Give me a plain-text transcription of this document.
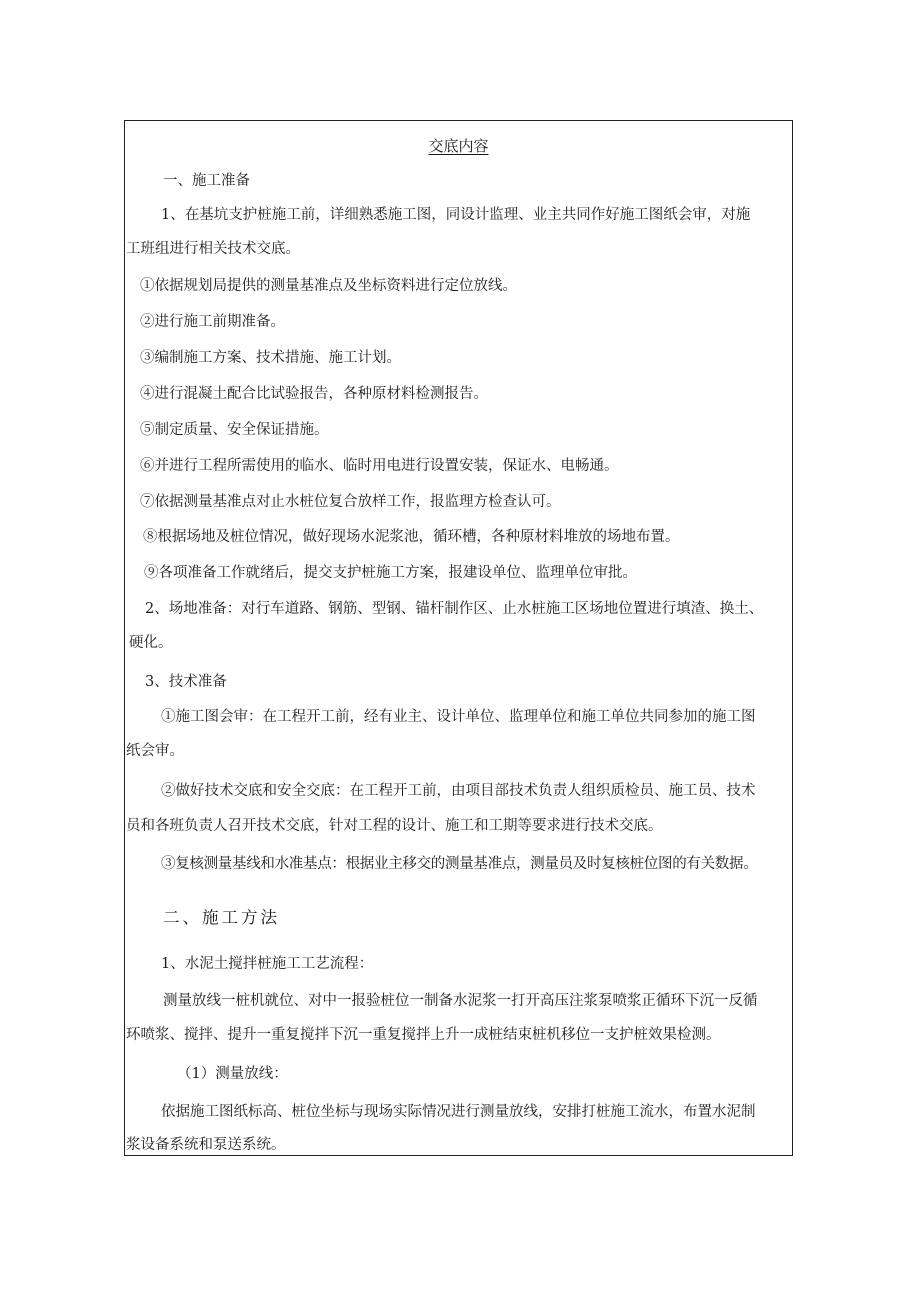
交底内容
一、施工准备
1、在基坑支护桩施工前，详细熟悉施工图，同设计监理、业主共同作好施工图纸会审，对施
工班组进行相关技术交底。
①依据规划局提供的测量基准点及坐标资料进行定位放线。
②进行施工前期准备。
③编制施工方案、技术措施、施工计划。
④进行混凝土配合比试验报告，各种原材料检测报告。
⑤制定质量、安全保证措施。
⑥并进行工程所需使用的临水、临时用电进行设置安装，保证水、电畅通。
⑦依据测量基准点对止水桩位复合放样工作，报监理方检查认可。
⑧根据场地及桩位情况，做好现场水泥浆池，循环槽，各种原材料堆放的场地布置。
⑨各项准备工作就绪后，提交支护桩施工方案，报建设单位、监理单位审批。
2、场地准备：对行车道路、钢筋、型钢、锚杆制作区、止水桩施工区场地位置进行填渣、换土、
硬化。
3、技术准备
①施工图会审：在工程开工前，经有业主、设计单位、监理单位和施工单位共同参加的施工图
纸会审。
②做好技术交底和安全交底：在工程开工前，由项目部技术负责人组织质检员、施工员、技术
员和各班负责人召开技术交底，针对工程的设计、施工和工期等要求进行技术交底。
③复核测量基线和水准基点：根据业主移交的测量基准点，测量员及时复核桩位图的有关数据。
二、施工方法
1、水泥土搅拌桩施工工艺流程：
测量放线一桩机就位、对中一报验桩位一制备水泥浆一打开高压注浆泵喷浆正循环下沉一反循
环喷浆、搅拌、提升一重复搅拌下沉一重复搅拌上升一成桩结束桩机移位一支护桩效果检测。
（1）测量放线：
依据施工图纸标高、桩位坐标与现场实际情况进行测量放线，安排打桩施工流水，布置水泥制
浆设备系统和泵送系统。
